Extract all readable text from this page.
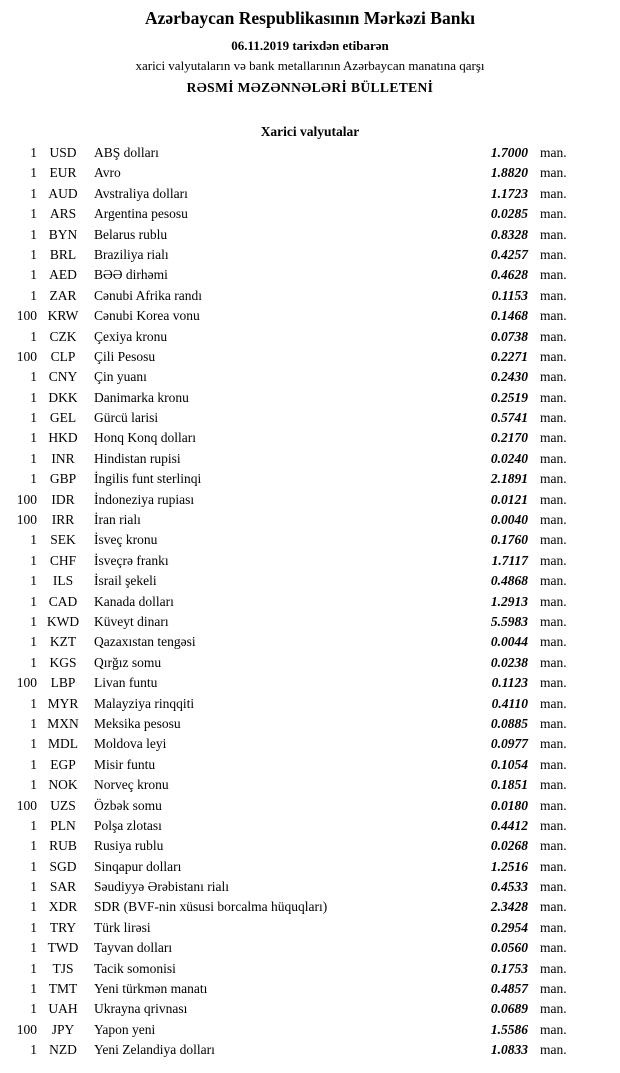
Azərbaycan Respublikasının Mərkəzi Bankı
06.11.2019 tarixdən etibarən
xarici valyutaların və bank metallarının Azərbaycan manatına qarşı
RƏSMİ MƏZƏNNƏLƏRİ BÜLLETENİ
Xarici valyutalar
1 USD	ABŞ dolları	1.7000 man.
1 EUR	Avro	1.8820 man.
1 AUD	Avstraliya dolları	1.1723 man.
1 ARS	Argentina pesosu	0.0285 man.
1 BYN	Belarus rublu	0.8328 man.
1 BRL	Braziliya rialı	0.4257 man.
1 AED	BƏƏ dirhəmi	0.4628 man.
1 ZAR	Cənubi Afrika randı	0.1153 man.
100 KRW	Cənubi Korea vonu	0.1468 man.
1 CZK	Çexiya kronu	0.0738 man.
100	CLP	Çili Pesosu	0.2271 man.
1 CNY	Çin yuanı	0.2430 man.
1 DKK	Danimarka kronu	0.2519 man.
1 GEL	Gürcü larisi	0.5741 man.
1 HKD	Honq Konq dolları	0.2170 man.
1	INR	Hindistan rupisi	0.0240 man.
1 GBP	İngilis funt sterlinqi	2.1891 man.
100	IDR	İndoneziya rupiası	0.0121 man.
100	IRR	İran rialı	0.0040 man.
1 SEK	İsveç kronu	0.1760 man.
1 CHF	İsveçrə frankı	1.7117 man.
1	ILS	İsrail şekeli	0.4868 man.
1 CAD	Kanada dolları	1.2913 man.
1 KWD	Küveyt dinarı	5.5983 man.
1 KZT	Qazaxıstan tengəsi	0.0044 man.
1 KGS	Qırğız somu	0.0238 man.
100	LBP	Livan funtu	0.1123 man.
1 MYR	Malayziya rinqqiti	0.4110 man.
1 MXN	Meksika pesosu	0.0885 man.
1 MDL	Moldova leyi	0.0977 man.
1 EGP	Misir funtu	0.1054 man.
1 NOK	Norveç kronu	0.1851 man.
100 UZS	Özbək somu	0.0180 man.
1 PLN	Polşa zlotası	0.4412 man.
1 RUB	Rusiya rublu	0.0268 man.
1 SGD	Sinqapur dolları	1.2516 man.
1 SAR	Səudiyyə Ərəbistanı rialı	0.4533 man.
1 XDR	SDR (BVF-nin xüsusi borcalma hüquqları)	2.3428 man.
1 TRY	Türk lirəsi	0.2954 man.
1 TWD	Tayvan dolları	0.0560 man.
1	TJS	Tacik somonisi	0.1753 man.
1 TMT	Yeni türkmən manatı	0.4857 man.
1 UAH	Ukrayna qrivnası	0.0689 man.
100	JPY	Yapon yeni	1.5586 man.
1 NZD	Yeni Zelandiya dolları	1.0833 man.
